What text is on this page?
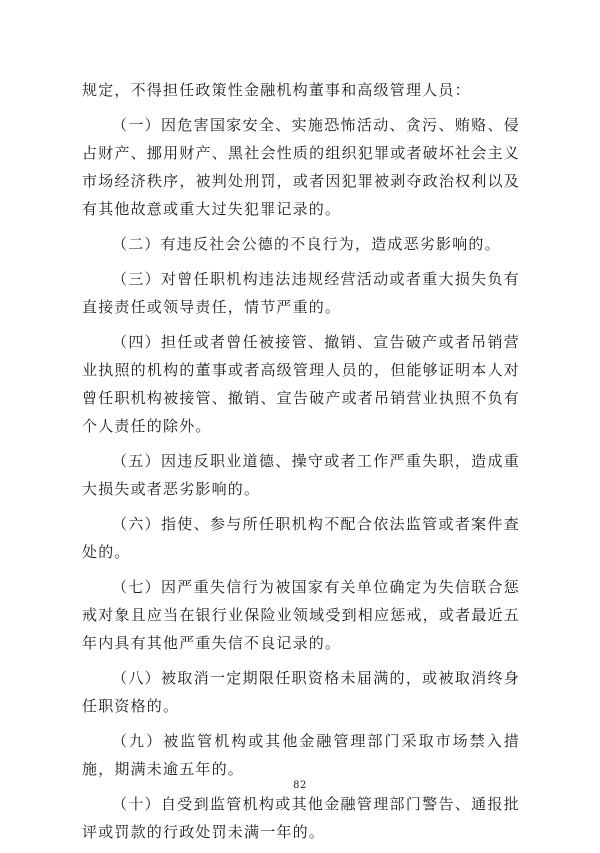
规定，不得担任政策性金融机构董事和高级管理人员：

（一）因危害国家安全、实施恐怖活动、贪污、贿赂、侵占财产、挪用财产、黑社会性质的组织犯罪或者破坏社会主义市场经济秩序，被判处刑罚，或者因犯罪被剥夺政治权利以及有其他故意或重大过失犯罪记录的。

（二）有违反社会公德的不良行为，造成恶劣影响的。

（三）对曾任职机构违法违规经营活动或者重大损失负有直接责任或领导责任，情节严重的。

（四）担任或者曾任被接管、撤销、宣告破产或者吊销营业执照的机构的董事或者高级管理人员的，但能够证明本人对曾任职机构被接管、撤销、宣告破产或者吊销营业执照不负有个人责任的除外。

（五）因违反职业道德、操守或者工作严重失职，造成重大损失或者恶劣影响的。

（六）指使、参与所任职机构不配合依法监管或者案件查处的。

（七）因严重失信行为被国家有关单位确定为失信联合惩戒对象且应当在银行业保险业领域受到相应惩戒，或者最近五年内具有其他严重失信不良记录的。

（八）被取消一定期限任职资格未届满的，或被取消终身任职资格的。

（九）被监管机构或其他金融管理部门采取市场禁入措施，期满未逾五年的。

（十）自受到监管机构或其他金融管理部门警告、通报批评或罚款的行政处罚未满一年的。

82
